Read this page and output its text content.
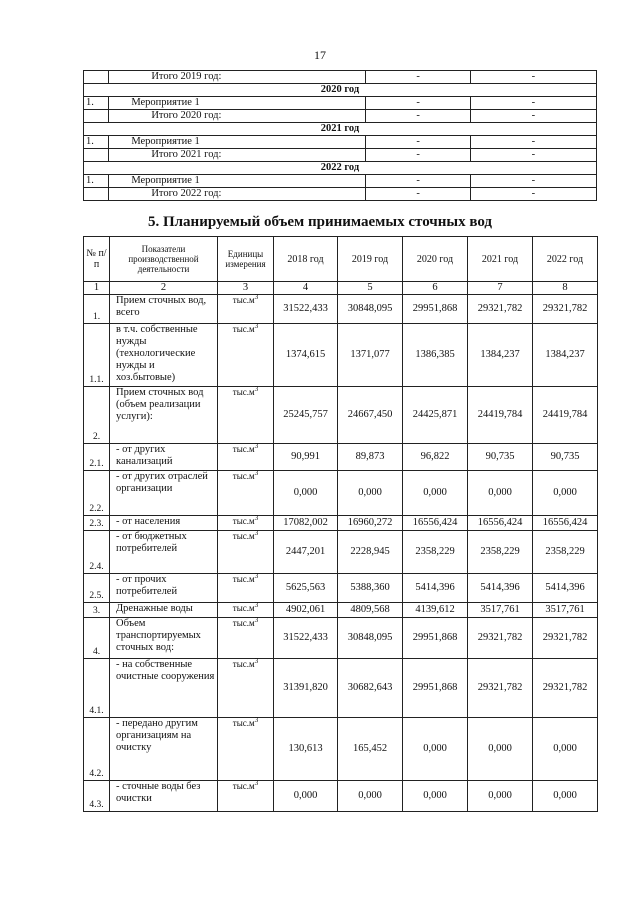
17
	Итого 2019 год:	-	-
2020 год			
1.	Мероприятие 1	-	-
	Итого 2020 год:	-	-
2021 год			
1.	Мероприятие 1	-	-
	Итого 2021 год:	-	-
2022 год			
1.	Мероприятие 1	-	-
	Итого 2022 год:	-	-
5. Планируемый объем принимаемых сточных вод
№ п/п	Показатели производственной деятельности	Единицы измерения	2018 год	2019 год	2020 год	2021 год	2022 год
1	2	3	4	5	6	7	8
1.	Прием сточных вод, всего	$тыс.м^3$	31522,433	30848,095	29951,868	29321,782	29321,782
1.1.	в т.ч. собственные нужды (технологические нужды и хоз.бытовые)	$тыс.м^3$	1374,615	1371,077	1386,385	1384,237	1384,237
2.	Прием сточных вод (объем реализации услуги):	$тыс.м^3$	25245,757	24667,450	24425,871	24419,784	24419,784
2.1.	- от других канализаций	$тыс.м^3$	90,991	89,873	96,822	90,735	90,735
2.2.	- от других отраслей организации	$тыс.м^3$	0,000	0,000	0,000	0,000	0,000
2.3.	- от населения	$тыс.м^3$	17082,002	16960,272	16556,424	16556,424	16556,424
2.4.	- от бюджетных потребителей	$тыс.м^3$	2447,201	2228,945	2358,229	2358,229	2358,229
2.5.	- от прочих потребителей	$тыс.м^3$	5625,563	5388,360	5414,396	5414,396	5414,396
3.	Дренажные воды	$тыс.м^3$	4902,061	4809,568	4139,612	3517,761	3517,761
4.	Объем транспортируемых сточных вод:	$тыс.м^3$	31522,433	30848,095	29951,868	29321,782	29321,782
4.1.	- на собственные очистные сооружения	$тыс.м^3$	31391,820	30682,643	29951,868	29321,782	29321,782
4.2.	- передано другим организациям на очистку	$тыс.м^3$	130,613	165,452	0,000	0,000	0,000
4.3.	- сточные воды без очистки	$тыс.м^3$	0,000	0,000	0,000	0,000	0,000
